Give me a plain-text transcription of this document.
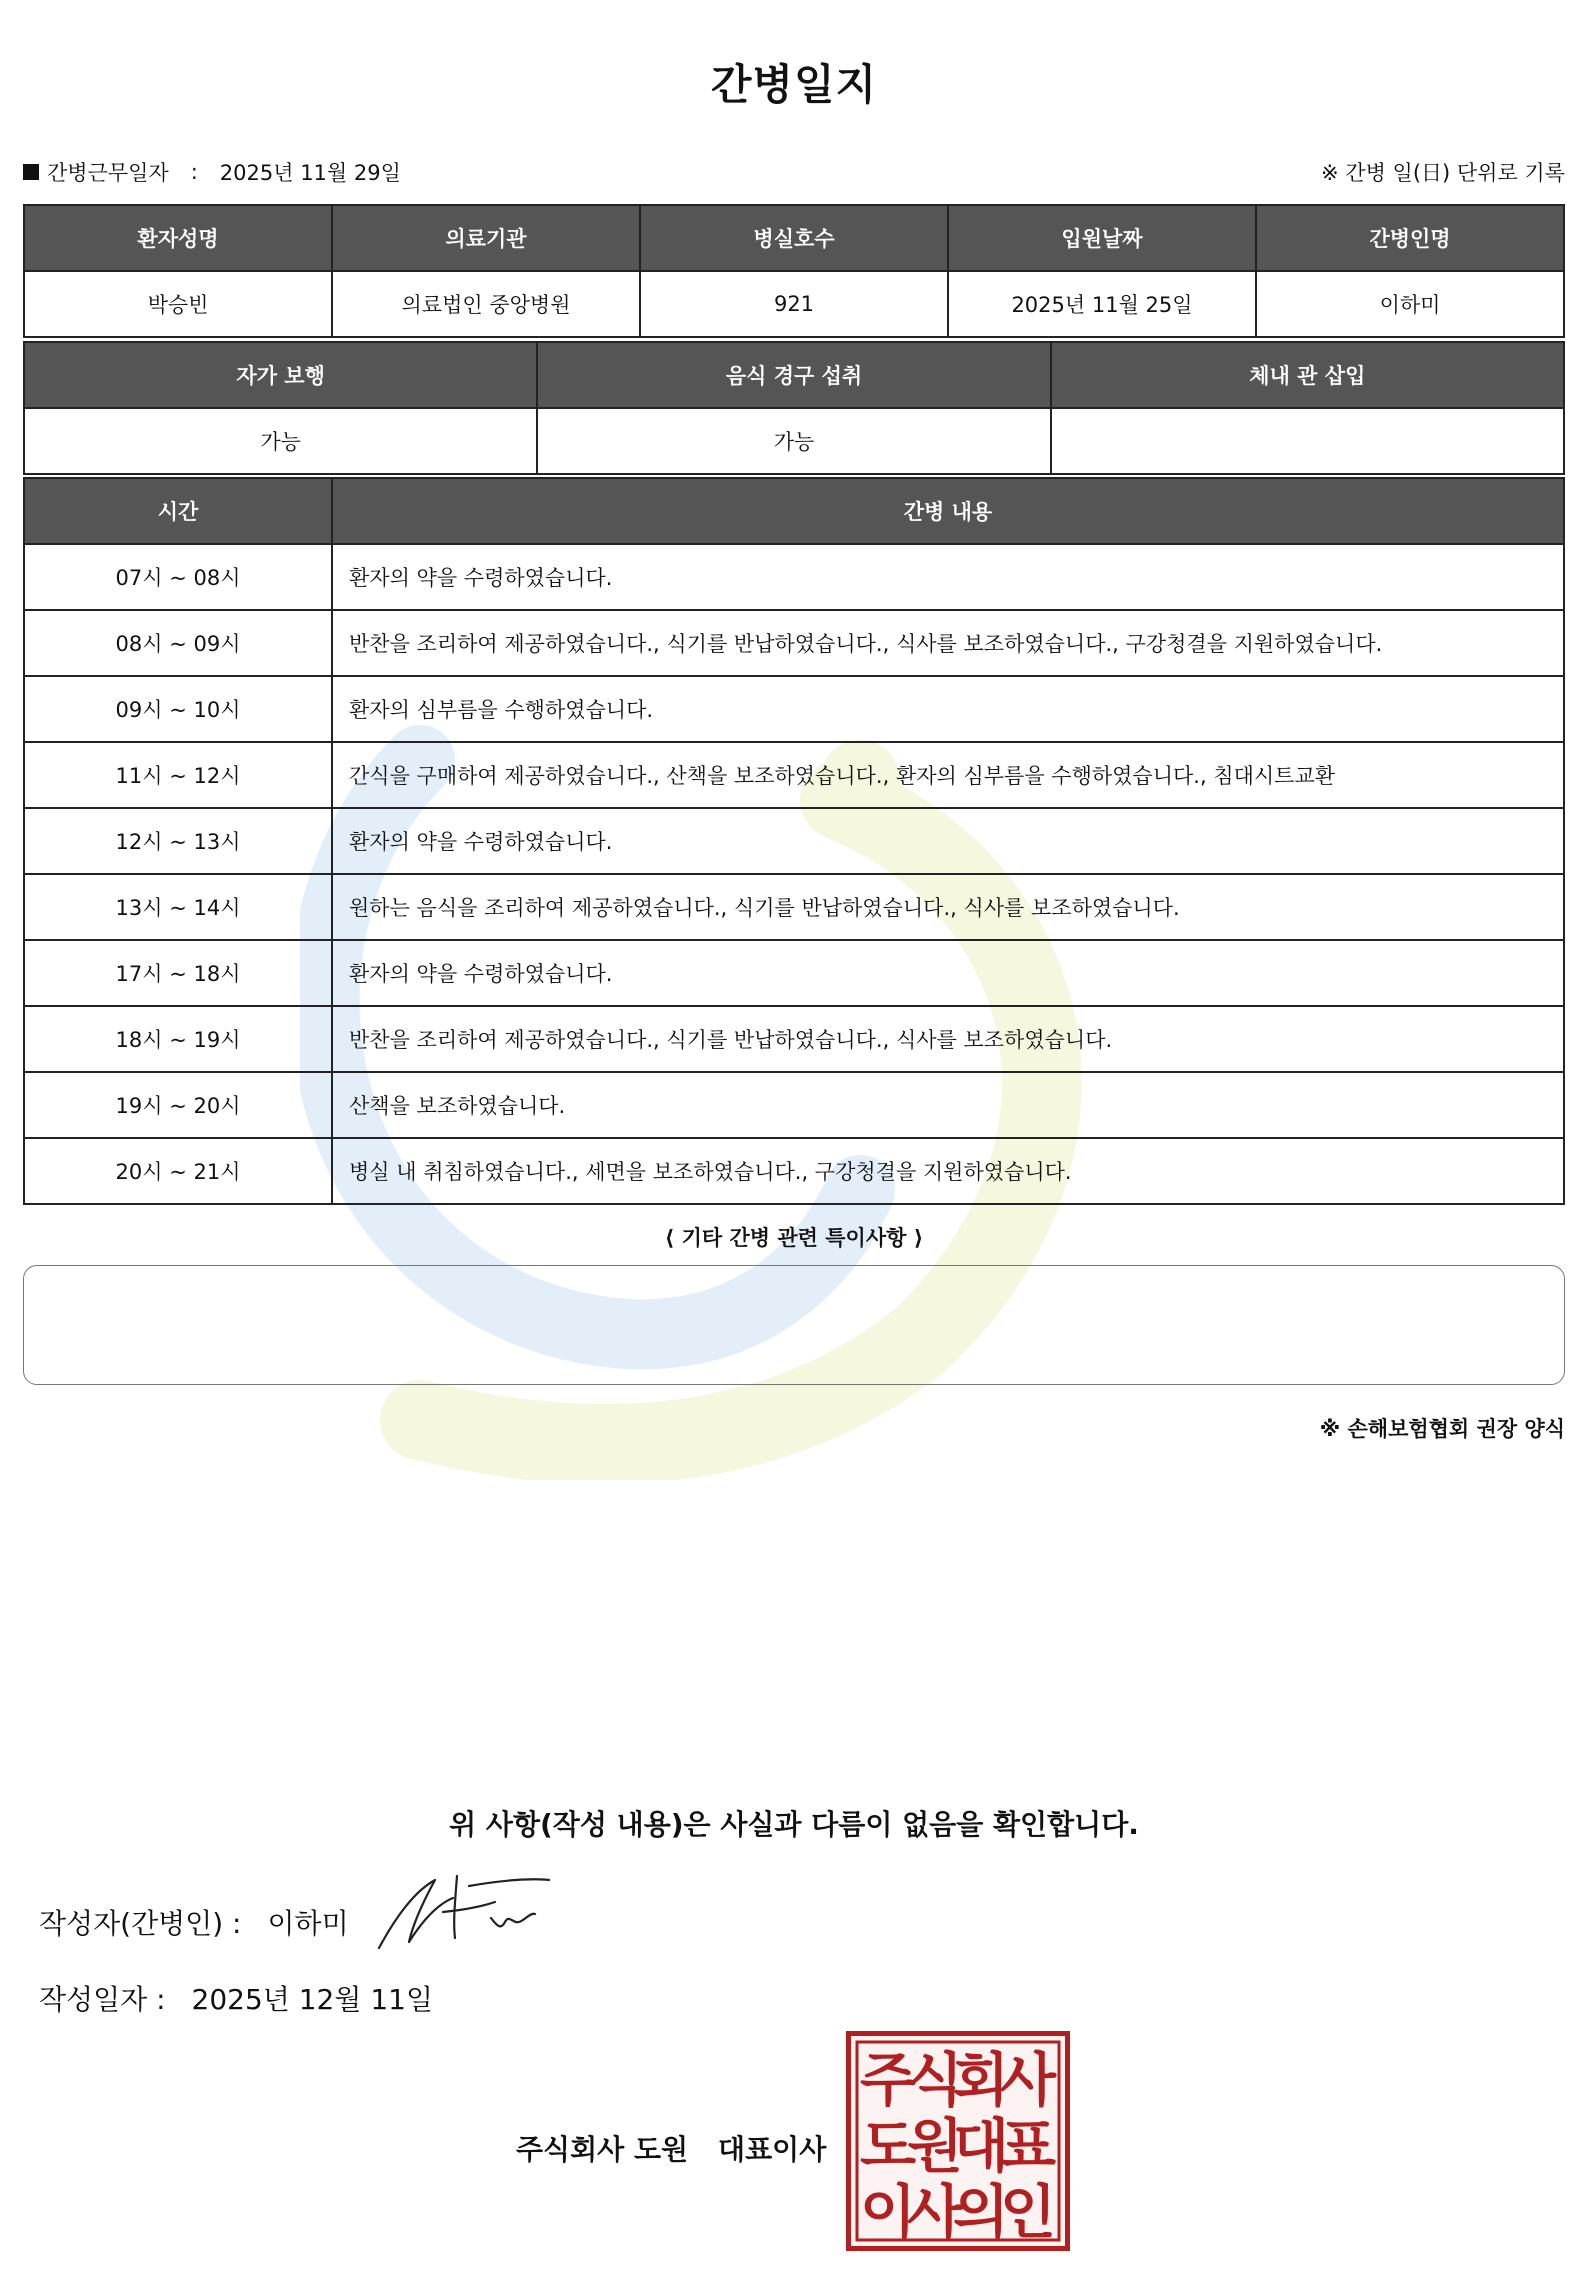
간병일지
간병근무일자 : 2025년 11월 29일	※ 간병 일(日) 단위로 기록
환자성명	의료기관	병실호수	입원날짜	간병인명
박승빈	의료법인 중앙병원	921	2025년 11월 25일	이하미
자가 보행	음식 경구 섭취	체내 관 삽입
가능	가능	
시간	간병 내용
07시 ~ 08시	환자의 약을 수령하였습니다.
08시 ~ 09시	반찬을 조리하여 제공하였습니다., 식기를 반납하였습니다., 식사를 보조하였습니다., 구강청결을 지원하였습니다.
09시 ~ 10시	환자의 심부름을 수행하였습니다.
11시 ~ 12시	간식을 구매하여 제공하였습니다., 산책을 보조하였습니다., 환자의 심부름을 수행하였습니다., 침대시트교환
12시 ~ 13시	환자의 약을 수령하였습니다.
13시 ~ 14시	원하는 음식을 조리하여 제공하였습니다., 식기를 반납하였습니다., 식사를 보조하였습니다.
17시 ~ 18시	환자의 약을 수령하였습니다.
18시 ~ 19시	반찬을 조리하여 제공하였습니다., 식기를 반납하였습니다., 식사를 보조하였습니다.
19시 ~ 20시	산책을 보조하였습니다.
20시 ~ 21시	병실 내 취침하였습니다., 세면을 보조하였습니다., 구강청결을 지원하였습니다.
⟨ 기타 간병 관련 특이사항 ⟩
※ 손해보험협회 권장 양식
위 사항(작성 내용)은 사실과 다름이 없음을 확인합니다.
작성자(간병인) : 이하미
작성일자 : 2025년 12월 11일
주식회사 도원 대표이사
주
식
회
사
도
원
대
표
이
사
의
인
